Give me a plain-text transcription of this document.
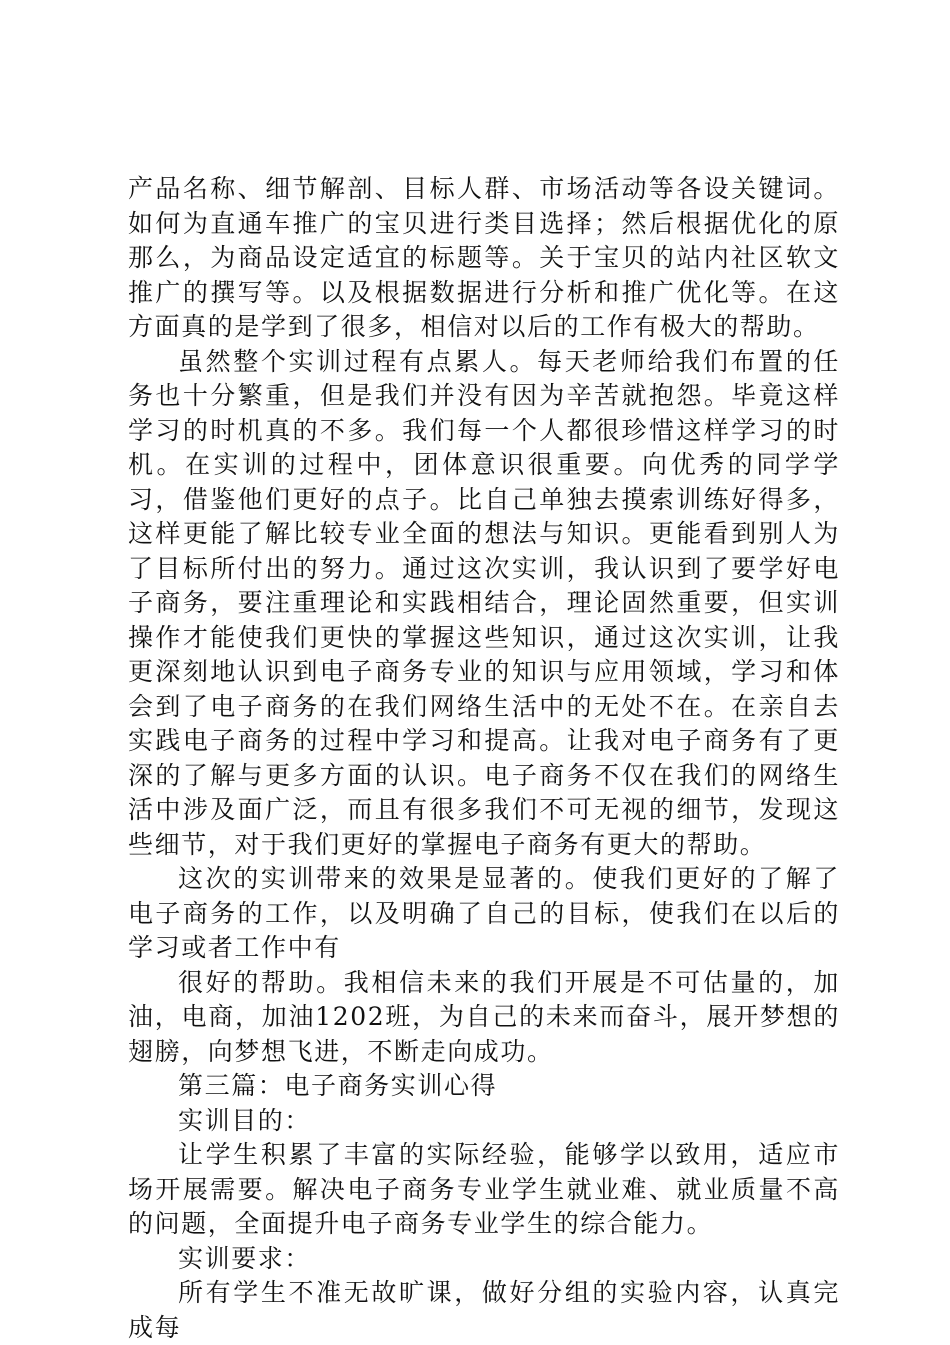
产品名称、细节解剖、目标人群、市场活动等各设关键词。如何为直通车推广的宝贝进行类目选择；然后根据优化的原那么，为商品设定适宜的标题等。关于宝贝的站内社区软文推广的撰写等。以及根据数据进行分析和推广优化等。在这方面真的是学到了很多，相信对以后的工作有极大的帮助。

虽然整个实训过程有点累人。每天老师给我们布置的任务也十分繁重，但是我们并没有因为辛苦就抱怨。毕竟这样学习的时机真的不多。我们每一个人都很珍惜这样学习的时机。在实训的过程中，团体意识很重要。向优秀的同学学习，借鉴他们更好的点子。比自己单独去摸索训练好得多，这样更能了解比较专业全面的想法与知识。更能看到别人为了目标所付出的努力。通过这次实训，我认识到了要学好电子商务，要注重理论和实践相结合，理论固然重要，但实训操作才能使我们更快的掌握这些知识，通过这次实训，让我更深刻地认识到电子商务专业的知识与应用领域，学习和体会到了电子商务的在我们网络生活中的无处不在。在亲自去实践电子商务的过程中学习和提高。让我对电子商务有了更深的了解与更多方面的认识。电子商务不仅在我们的网络生活中涉及面广泛，而且有很多我们不可无视的细节，发现这些细节，对于我们更好的掌握电子商务有更大的帮助。

这次的实训带来的效果是显著的。使我们更好的了解了电子商务的工作，以及明确了自己的目标，使我们在以后的学习或者工作中有

很好的帮助。我相信未来的我们开展是不可估量的，加油，电商，加油1202班，为自己的未来而奋斗，展开梦想的翅膀，向梦想飞进，不断走向成功。

第三篇：电子商务实训心得

实训目的：

让学生积累了丰富的实际经验，能够学以致用，适应市场开展需要。解决电子商务专业学生就业难、就业质量不高的问题，全面提升电子商务专业学生的综合能力。

实训要求：

所有学生不准无故旷课，做好分组的实验内容，认真完成每
